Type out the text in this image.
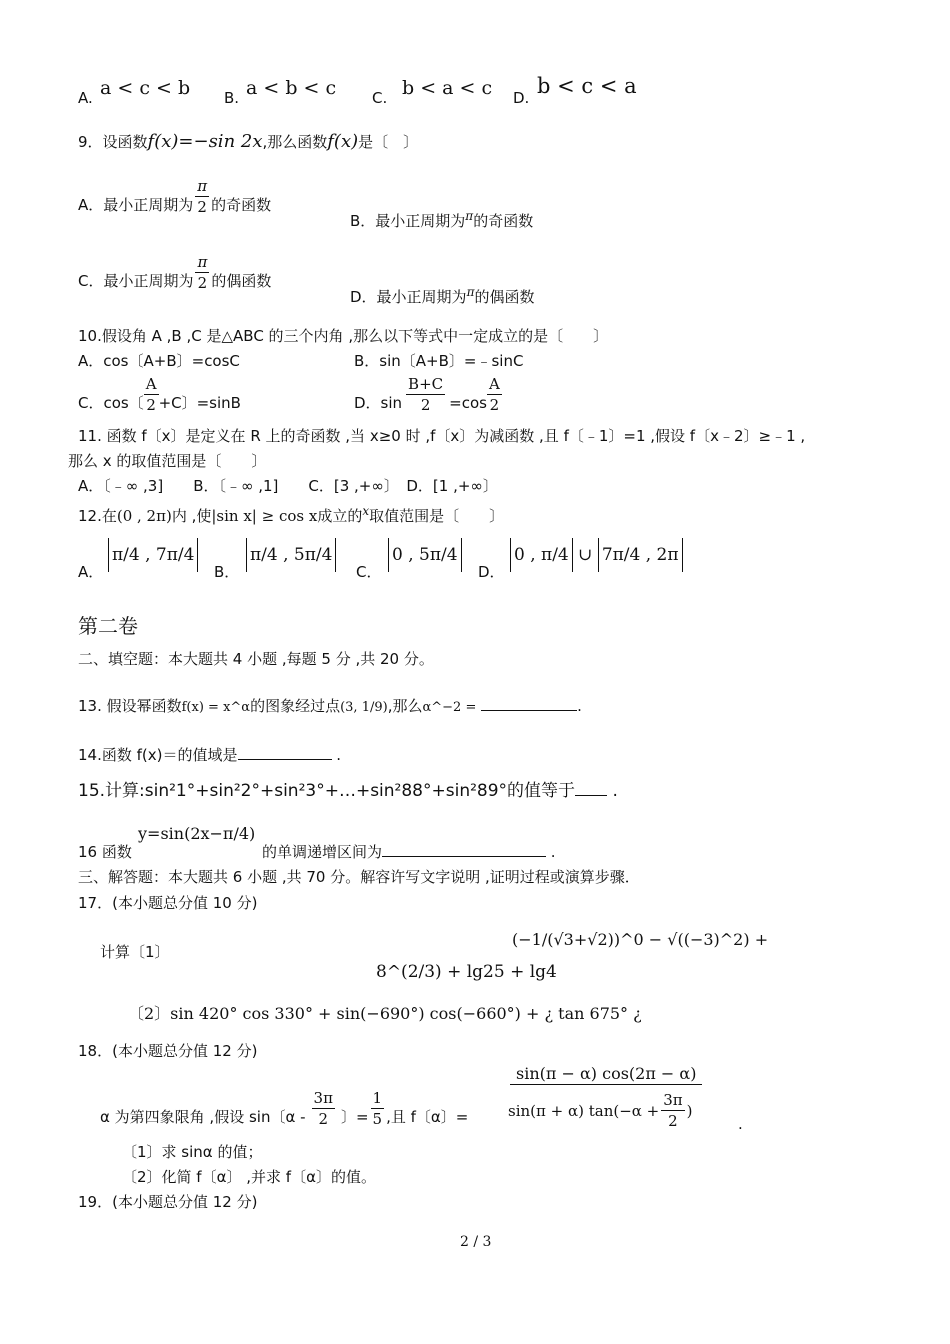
A. a < c < b B. a < b < c C. b < a < c D. b < c < a
9．设函数f(x)=−sin 2x,那么函数f(x)是〔　〕
A．最小正周期为 $\frac{\pi}{2}$ 的奇函数
B．最小正周期为$^\pi$的奇函数
C．最小正周期为 $\frac{\pi}{2}$ 的偶函数
D．最小正周期为$^\pi$的偶函数
10.假设角 A ,B ,C 是△ABC 的三个内角 ,那么以下等式中一定成立的是〔　　〕
A．cos〔A+B〕=cosC	B．sin〔A+B〕=﹣sinC
C．cos〔 $\frac{A}{2} +C$〕=sinB	D．$\sin \frac{B+C}{2} =\cos \frac{A}{2}$
11. 函数 f〔x〕是定义在 R 上的奇函数 ,当 x≥0 时 ,f〔x〕为减函数 ,且 f〔﹣1〕=1 ,假设 f〔x﹣2〕≥﹣1 ,
那么 x 的取值范围是〔　　〕
A．〔﹣∞ ,3]　　B．〔﹣∞ ,1]　　C．[3 ,+∞〕　D．[1 ,+∞〕
12.在(0 , 2π)内 ,使|sin x| ≥ cos x成立的$^x$取值范围是〔　　〕
A．
π/4 , 7π/4
B．
π/4 , 5π/4
C．
0 , 5π/4
D．
0 , π/4 ∪ 7π/4 , 2π
第二卷
二、填空题：本大题共 4 小题 ,每题 5 分 ,共 20 分。
13. 假设幂函数f(x) = x^α的图象经过点(3, 1/9),那么α^−2 =	.
14.函数 f(x)＝的值域是	.
15.计算:sin²1°+sin²2°+sin²3°+…+sin²88°+sin²89°的值等于 .
16 函数
y=sin(2x−π/4)
的单调递增区间为	.
三、解答题：本大题共 6 小题 ,共 70 分。解容许写文字说明 ,证明过程或演算步骤．
17．(本小题总分值 10 分)
计算〔1〕
8^(2/3) + lg25 + lg4
(−1/(√3+√2))^0 − √((−3)^2) +
〔2〕sin 420° cos 330° + sin(−690°) cos(−660°) + ¿ tan 675° ¿
18．(本小题总分值 12 分)
sin(π − α) cos(2π − α)
α 为第四象限角 ,假设 sin〔α - $\frac{3\pi}{2}$ 〕= $\frac{1}{5}$ ,且 f〔α〕=	sin(π + α) $\tan(-\alpha + \frac{3\pi}{2}$ )
.
〔1〕求 sinα 的值；
〔2〕化简 f〔α〕 ,并求 f〔α〕的值。
19．(本小题总分值 12 分)
2 / 3
